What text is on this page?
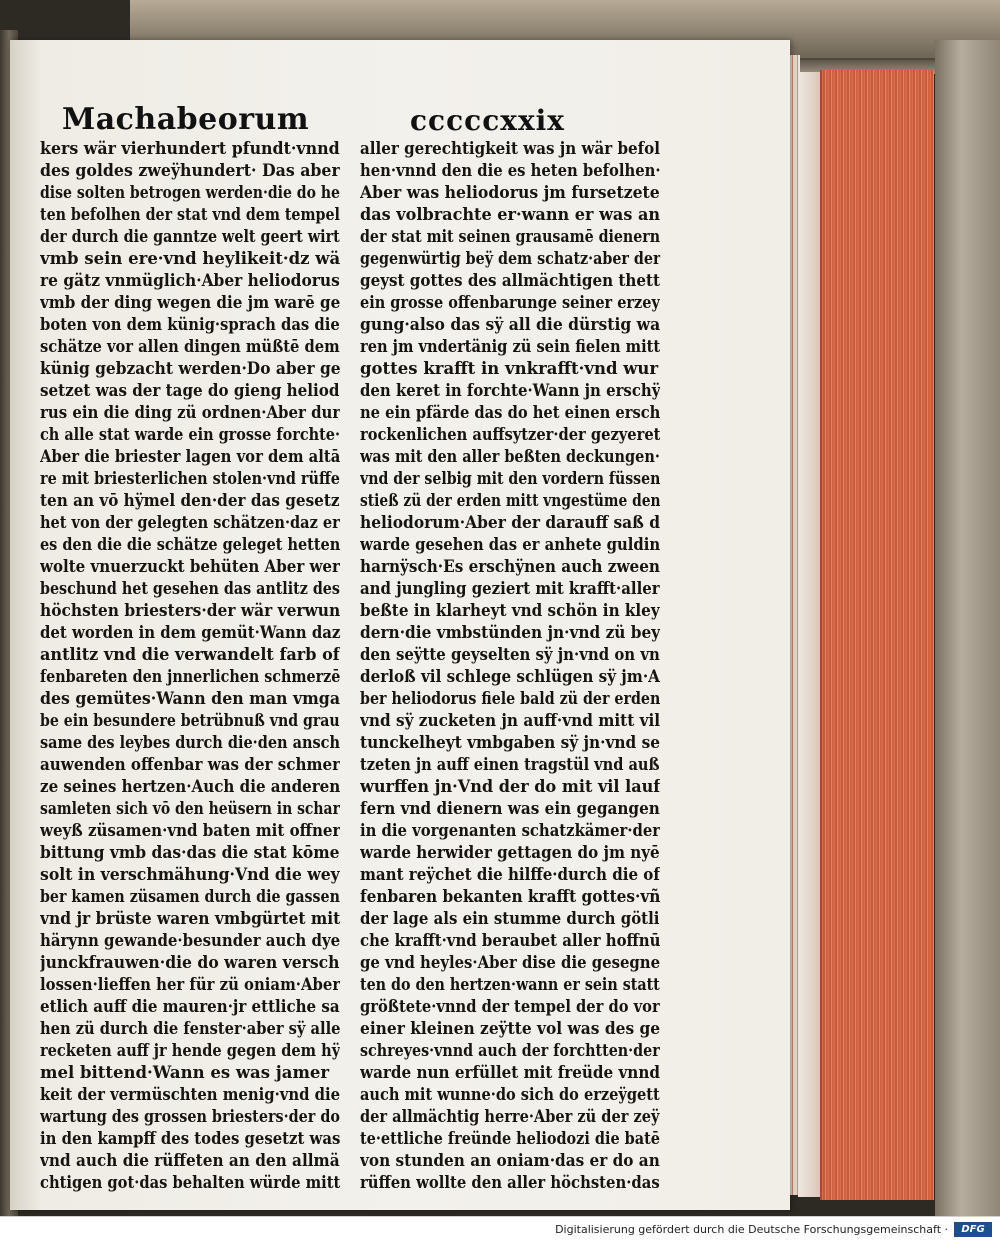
Machabeorum	cccccxxix
kers wär vierhundert pfundt·vnnd
des goldes zweÿhundert· Das aber
dise solten betrogen werden·die do he
ten befolhen der stat vnd dem tempel
der durch die ganntze welt geert wirt
vmb sein ere·vnd heylikeit·dz wä
re gätz vnmüglich·Aber heliodorus
vmb der ding wegen die jm warē ge
boten von dem künig·sprach das die
schätze vor allen dingen müßtē dem
künig gebzacht werden·Do aber ge
setzet was der tage do gieng heliod
rus ein die ding zü ordnen·Aber dur
ch alle stat warde ein grosse forchte·
Aber die briester lagen vor dem altā
re mit briesterlichen stolen·vnd rüffe
ten an vō hÿmel den·der das gesetz
het von der gelegten schätzen·daz er
es den die die schätze geleget hetten
wolte vnuerzuckt behüten Aber wer
beschund het gesehen das antlitz des
höchsten briesters·der wär verwun
det worden in dem gemüt·Wann daz
antlitz vnd die verwandelt farb of
fenbareten den jnnerlichen schmerzē
des gemütes·Wann den man vmga
be ein besundere betrübnuß vnd grau
same des leybes durch die·den ansch
auwenden offenbar was der schmer
ze seines hertzen·Auch die anderen
samleten sich vō den heüsern in schar
weyß züsamen·vnd baten mit offner
bittung vmb das·das die stat kōme
solt in verschmähung·Vnd die wey
ber kamen züsamen durch die gassen
vnd jr brüste waren vmbgürtet mit
härynn gewande·besunder auch dye
junckfrauwen·die do waren versch
lossen·lieffen her für zü oniam·Aber
etlich auff die mauren·jr ettliche sa
hen zü durch die fenster·aber sÿ alle
recketen auff jr hende gegen dem hÿ
mel bittend·Wann es was jamer
keit der vermüschten menig·vnd die
wartung des grossen briesters·der do
in den kampff des todes gesetzt was
vnd auch die rüffeten an den allmä
chtigen got·das behalten würde mitt
aller gerechtigkeit was jn wär befol
hen·vnnd den die es heten befolhen·
Aber was heliodorus jm fursetzete
das volbrachte er·wann er was an
der stat mit seinen grausamē dienern
gegenwürtig beÿ dem schatz·aber der
geyst gottes des allmächtigen thett
ein grosse offenbarunge seiner erzey
gung·also das sÿ all die dürstig wa
ren jm vndertänig zü sein fielen mitt
gottes krafft in vnkrafft·vnd wur
den keret in forchte·Wann jn erschÿ
ne ein pfärde das do het einen ersch
rockenlichen auffsytzer·der gezyeret
was mit den aller beßten deckungen·
vnd der selbig mit den vordern füssen
stieß zü der erden mitt vngestüme den
heliodorum·Aber der darauff saß d
warde gesehen das er anhete guldin
harnÿsch·Es erschÿnen auch zween
and jungling geziert mit krafft·aller
beßte in klarheyt vnd schön in kley
dern·die vmbstünden jn·vnd zü bey
den seÿtte geyselten sÿ jn·vnd on vn
derloß vil schlege schlügen sÿ jm·A
ber heliodorus fiele bald zü der erden
vnd sÿ zucketen jn auff·vnd mitt vil
tunckelheyt vmbgaben sÿ jn·vnd se
tzeten jn auff einen tragstül vnd auß
wurffen jn·Vnd der do mit vil lauf
fern vnd dienern was ein gegangen
in die vorgenanten schatzkämer·der
warde herwider gettagen do jm nyē
mant reÿchet die hilffe·durch die of
fenbaren bekanten krafft gottes·vñ
der lage als ein stumme durch götli
che krafft·vnd beraubet aller hoffnū
ge vnd heyles·Aber dise die gesegne
ten do den hertzen·wann er sein statt
größtete·vnnd der tempel der do vor
einer kleinen zeÿtte vol was des ge
schreyes·vnnd auch der forchtten·der
warde nun erfüllet mit freüde vnnd
auch mit wunne·do sich do erzeÿgett
der allmächtig herre·Aber zü der zeÿ
te·ettliche freünde heliodozi die batē
von stunden an oniam·das er do an
rüffen wollte den aller höchsten·das
Digitalisierung gefördert durch die Deutsche Forschungsgemeinschaft ·	DFG
